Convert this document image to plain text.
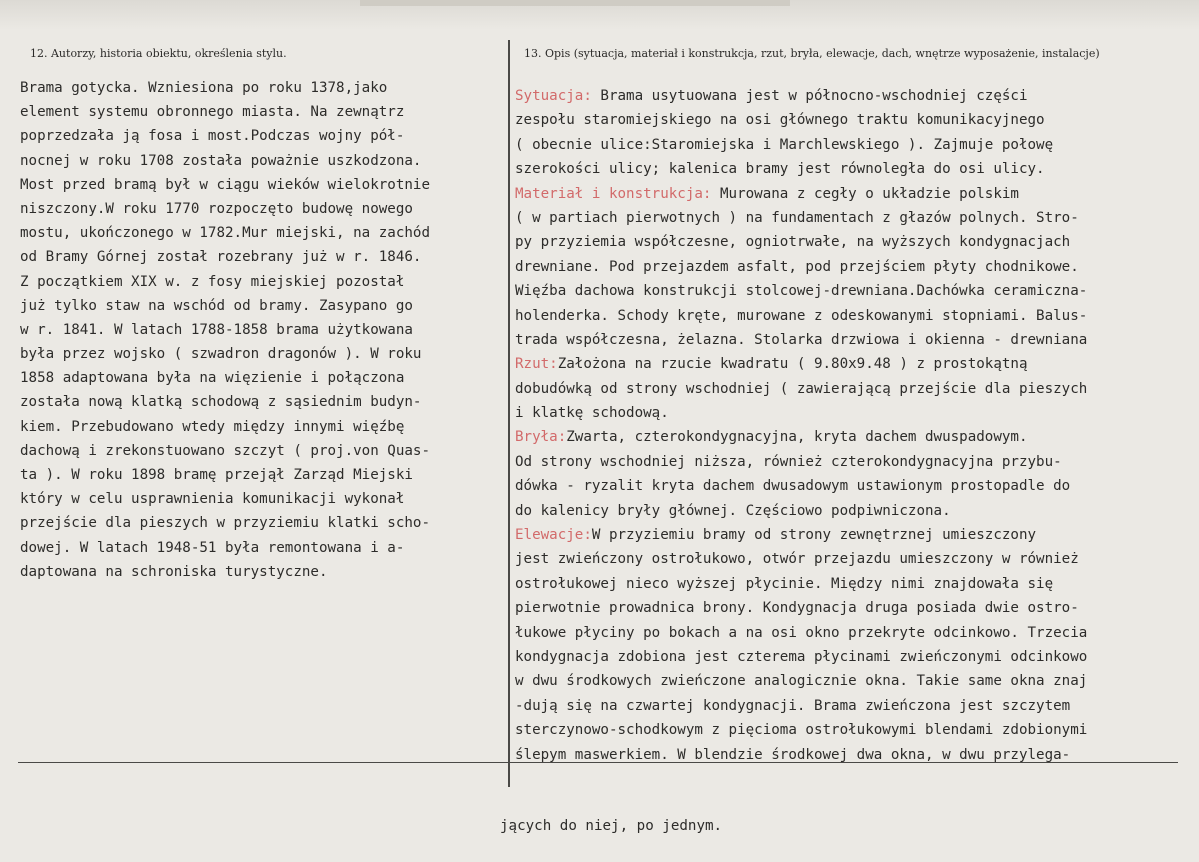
12. Autorzy, historia obiektu, określenia stylu.	13. Opis (sytuacja, materiał i konstrukcja, rzut, bryła, elewacje, dach, wnętrze wyposażenie, instalacje)
Brama gotycka. Wzniesiona po roku 1378,jako
element systemu obronnego miasta. Na zewnątrz
poprzedzała ją fosa i most.Podczas wojny pół-
nocnej w roku 1708 została poważnie uszkodzona.
Most przed bramą był w ciągu wieków wielokrotnie
niszczony.W roku 1770 rozpoczęto budowę nowego
mostu, ukończonego w 1782.Mur miejski, na zachód
od Bramy Górnej został rozebrany już w r. 1846.
Z początkiem XIX w. z fosy miejskiej pozostał
już tylko staw na wschód od bramy. Zasypano go
w r. 1841. W latach 1788-1858 brama użytkowana
była przez wojsko ( szwadron dragonów ). W roku
1858 adaptowana była na więzienie i połączona
została nową klatką schodową z sąsiednim budyn-
kiem. Przebudowano wtedy między innymi więźbę
dachową i zrekonstuowano szczyt ( proj.von Quas-
ta ). W roku 1898 bramę przejął Zarząd Miejski
który w celu usprawnienia komunikacji wykonał
przejście dla pieszych w przyziemiu klatki scho-
dowej. W latach 1948-51 była remontowana i a-
daptowana na schroniska turystyczne.
Sytuacja: Brama usytuowana jest w północno-wschodniej części
zespołu staromiejskiego na osi głównego traktu komunikacyjnego
( obecnie ulice:Staromiejska i Marchlewskiego ). Zajmuje połowę
szerokości ulicy; kalenica bramy jest równoległa do osi ulicy.
Materiał i konstrukcja: Murowana z cegły o układzie polskim
( w partiach pierwotnych ) na fundamentach z głazów polnych. Stro-
py przyziemia współczesne, ogniotrwałe, na wyższych kondygnacjach
drewniane. Pod przejazdem asfalt, pod przejściem płyty chodnikowe.
Więźba dachowa konstrukcji stolcowej-drewniana.Dachówka ceramiczna-
holenderka. Schody kręte, murowane z odeskowanymi stopniami. Balus-
trada współczesna, żelazna. Stolarka drzwiowa i okienna - drewniana
Rzut:Założona na rzucie kwadratu ( 9.80x9.48 ) z prostokątną
dobudówką od strony wschodniej ( zawierającą przejście dla pieszych
i klatkę schodową.
Bryła:Zwarta, czterokondygnacyjna, kryta dachem dwuspadowym.
Od strony wschodniej niższa, również czterokondygnacyjna przybu-
dówka - ryzalit kryta dachem dwusadowym ustawionym prostopadle do
do kalenicy bryły głównej. Częściowo podpiwniczona.
Elewacje:W przyziemiu bramy od strony zewnętrznej umieszczony
jest zwieńczony ostrołukowo, otwór przejazdu umieszczony w również
ostrołukowej nieco wyższej płycinie. Między nimi znajdowała się
pierwotnie prowadnica brony. Kondygnacja druga posiada dwie ostro-
łukowe płyciny po bokach a na osi okno przekryte odcinkowo. Trzecia
kondygnacja zdobiona jest czterema płycinami zwieńczonymi odcinkowo
w dwu środkowych zwieńczone analogicznie okna. Takie same okna znaj
-dują się na czwartej kondygnacji. Brama zwieńczona jest szczytem
sterczynowo-schodkowym z pięcioma ostrołukowymi blendami zdobionymi
ślepym maswerkiem. W blendzie środkowej dwa okna, w dwu przylega-

jących do niej, po jednym.
